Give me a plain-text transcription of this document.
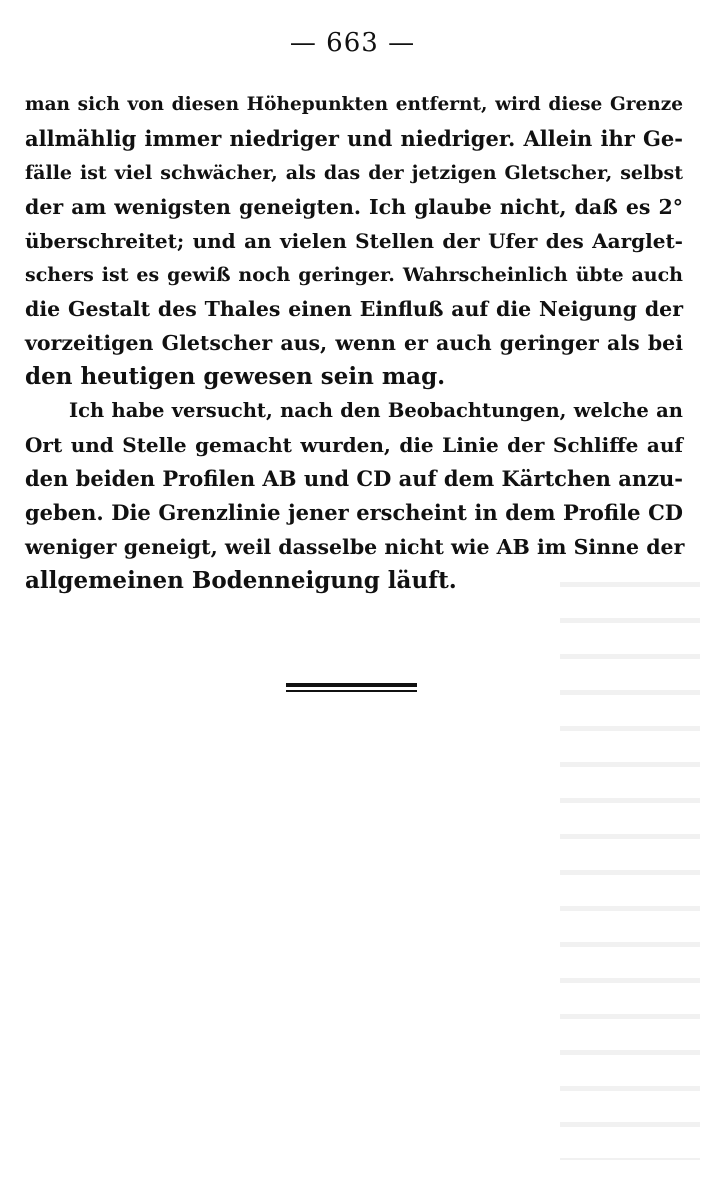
— 663 —
man sich von diesen Höhepunkten entfernt, wird diese Grenze
allmählig immer niedriger und niedriger. Allein ihr Ge-
fälle ist viel schwächer, als das der jetzigen Gletscher, selbst
der am wenigsten geneigten. Ich glaube nicht, daß es 2°
überschreitet; und an vielen Stellen der Ufer des Aarglet-
schers ist es gewiß noch geringer. Wahrscheinlich übte auch
die Gestalt des Thales einen Einfluß auf die Neigung der
vorzeitigen Gletscher aus, wenn er auch geringer als bei
den heutigen gewesen sein mag.
Ich habe versucht, nach den Beobachtungen, welche an
Ort und Stelle gemacht wurden, die Linie der Schliffe auf
den beiden Profilen AB und CD auf dem Kärtchen anzu-
geben. Die Grenzlinie jener erscheint in dem Profile CD
weniger geneigt, weil dasselbe nicht wie AB im Sinne der
allgemeinen Bodenneigung läuft.
